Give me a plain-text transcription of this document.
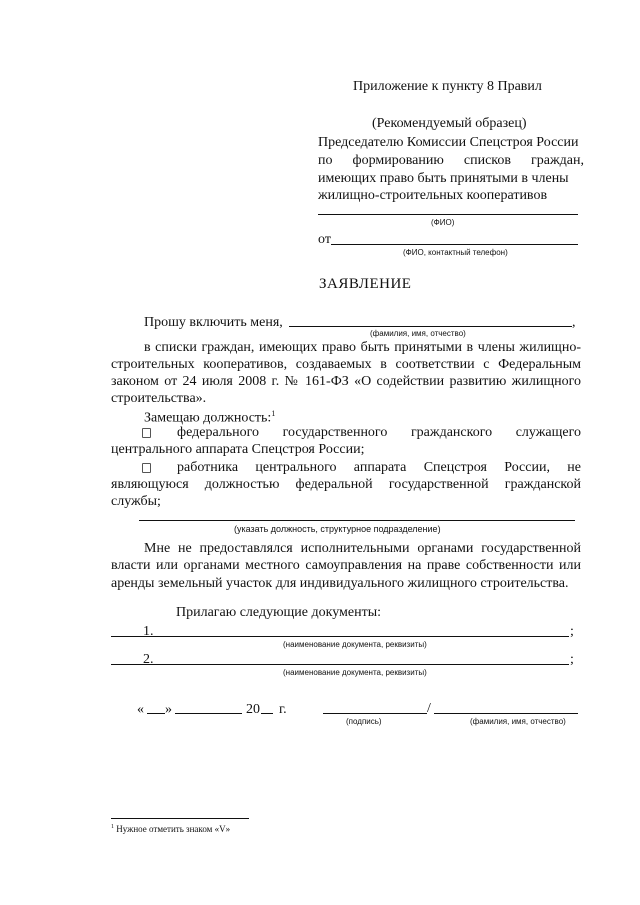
Приложение к пункту 8 Правил
(Рекомендуемый образец)
Председателю Комиссии Спецстроя России
по формированию списков граждан,
имеющих право быть принятыми в члены
жилищно-строительных кооперативов
(ФИО)
от
(ФИО, контактный телефон)
ЗАЯВЛЕНИЕ
Прошу включить меня,	,
(фамилия, имя, отчество)
в списки граждан, имеющих право быть принятыми в члены жилищно-
строительных кооперативов, создаваемых в соответствии с Федеральным
законом от 24 июля 2008 г. № 161-ФЗ «О содействии развитию жилищного
строительства».
Замещаю должность:$^1$
федерального государственного гражданского служащего
центрального аппарата Спецстроя России;
работника центрального аппарата Спецстроя России, не
являющуюся должностью федеральной государственной гражданской
службы;
(указать должность, структурное подразделение)
Мне не предоставлялся исполнительными органами государственной
власти или органами местного самоуправления на праве собственности или
аренды земельный участок для индивидуального жилищного строительства.
Прилагаю следующие документы:
1.	;
(наименование документа, реквизиты)
2.	;
(наименование документа, реквизиты)
« »	20 г.	/
(подпись)	(фамилия, имя, отчество)
$^1$ Нужное отметить знаком «V»
